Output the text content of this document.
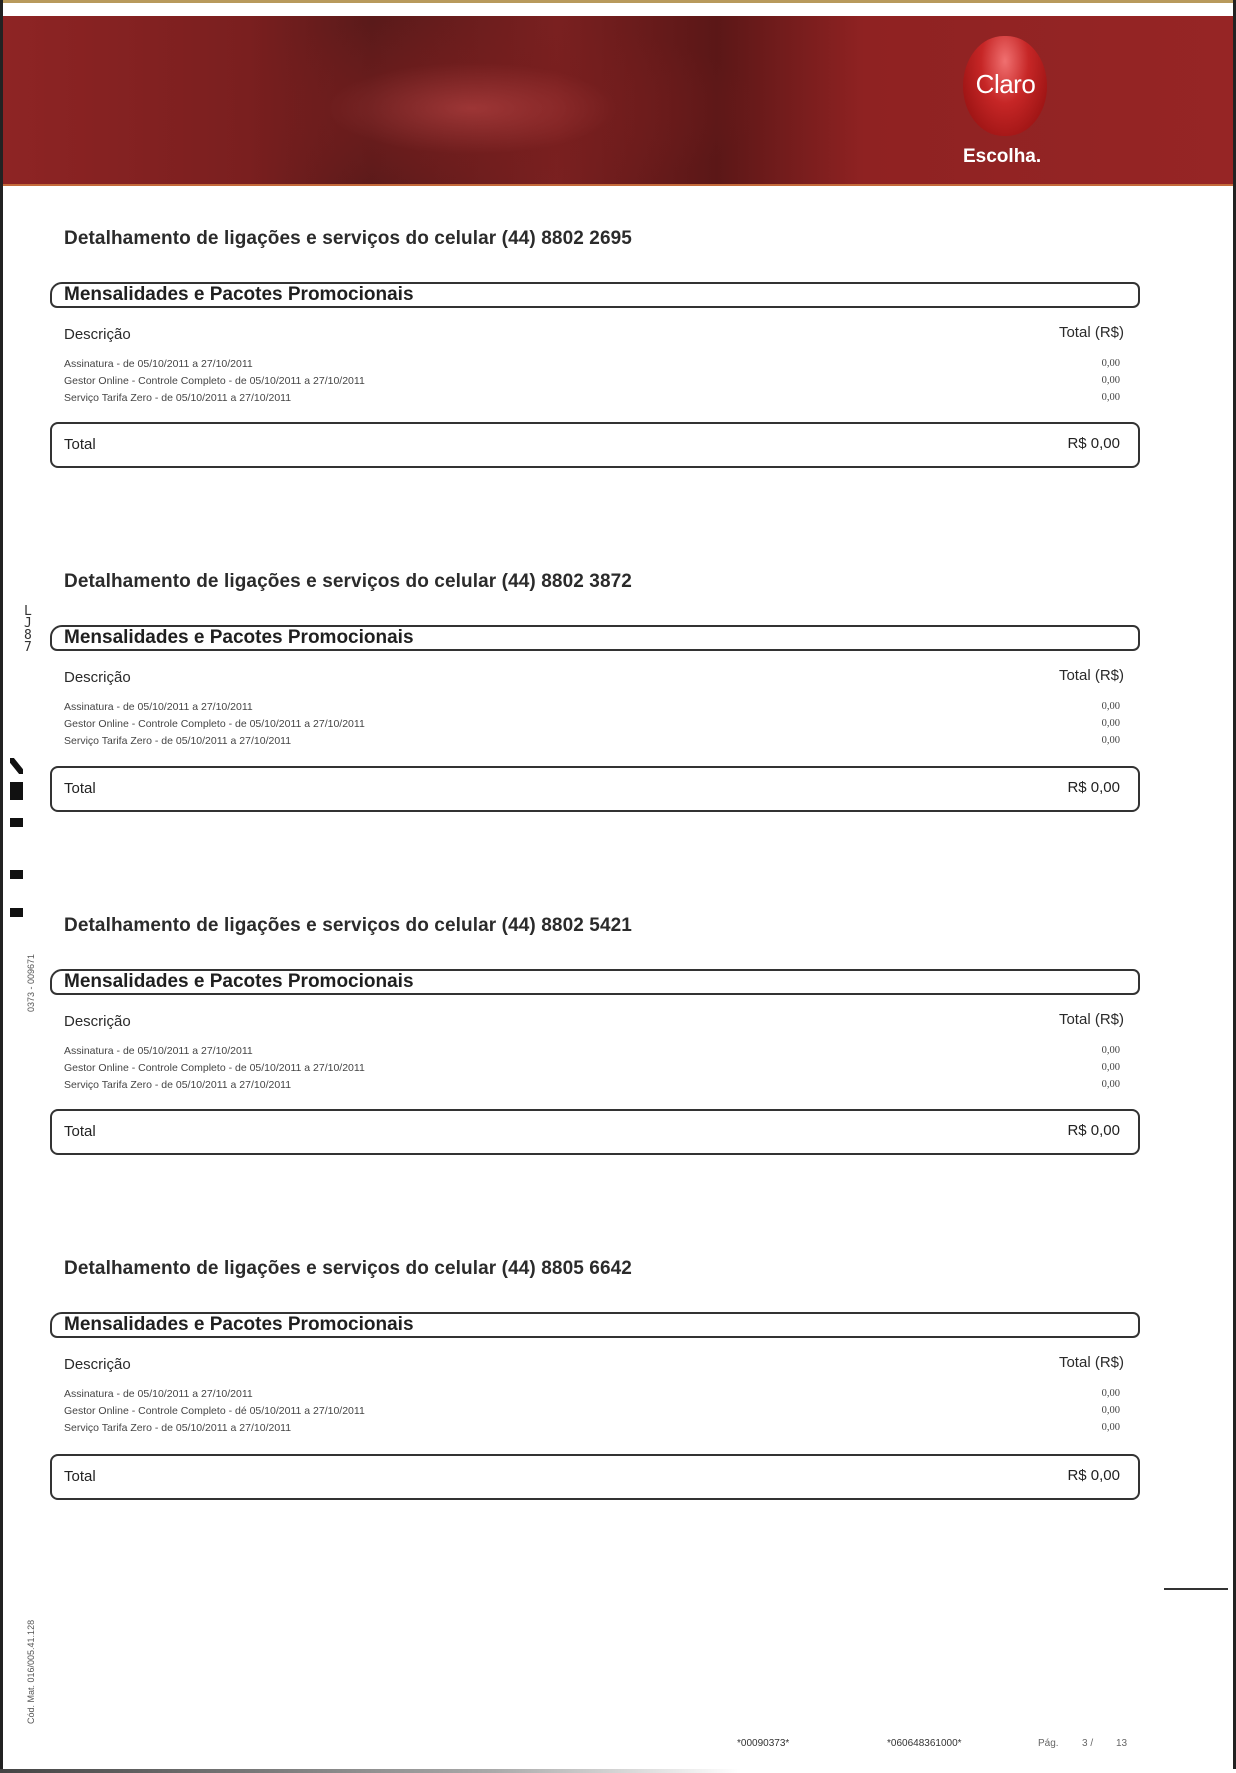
Claro
Escolha.
Detalhamento de ligações e serviços do celular (44) 8802 2695
Mensalidades e Pacotes Promocionais
Descrição	Total (R$)
Assinatura - de 05/10/2011 a 27/10/2011	0,00
Gestor Online - Controle Completo - de 05/10/2011 a 27/10/2011	0,00
Serviço Tarifa Zero - de 05/10/2011 a 27/10/2011	0,00
Total	R$ 0,00
Detalhamento de ligações e serviços do celular (44) 8802 3872
Mensalidades e Pacotes Promocionais
Descrição	Total (R$)
Assinatura - de 05/10/2011 a 27/10/2011	0,00
Gestor Online - Controle Completo - de 05/10/2011 a 27/10/2011	0,00
Serviço Tarifa Zero - de 05/10/2011 a 27/10/2011	0,00
Total	R$ 0,00
Detalhamento de ligações e serviços do celular (44) 8802 5421
Mensalidades e Pacotes Promocionais
Descrição	Total (R$)
Assinatura - de 05/10/2011 a 27/10/2011	0,00
Gestor Online - Controle Completo - de 05/10/2011 a 27/10/2011	0,00
Serviço Tarifa Zero - de 05/10/2011 a 27/10/2011	0,00
Total	R$ 0,00
Detalhamento de ligações e serviços do celular (44) 8805 6642
Mensalidades e Pacotes Promocionais
Descrição	Total (R$)
Assinatura - de 05/10/2011 a 27/10/2011	0,00
Gestor Online - Controle Completo - dé 05/10/2011 a 27/10/2011	0,00
Serviço Tarifa Zero - de 05/10/2011 a 27/10/2011	0,00
Total	R$ 0,00
LJ87
0373 - 009671
Cód. Mat. 016/005.41.128
*00090373*	*060648361000*	Pág. 3 / 13
